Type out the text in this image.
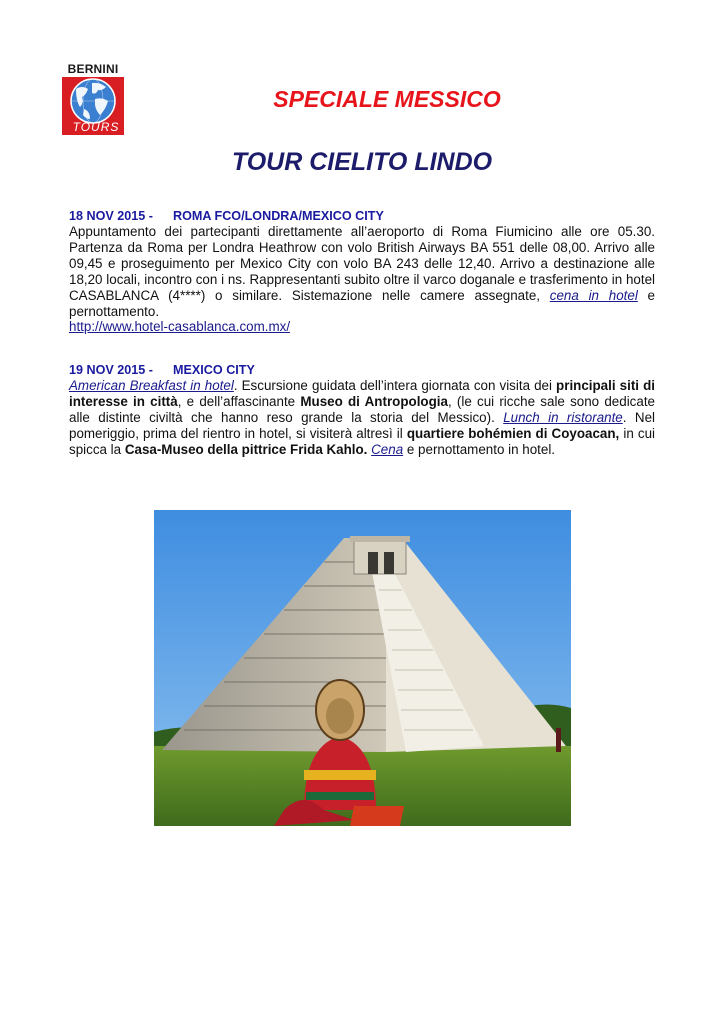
BERNINI
TOURS
SPECIALE MESSICO
TOUR CIELITO LINDO
18 NOV 2015 - ROMA FCO/LONDRA/MEXICO CITY

Appuntamento dei partecipanti direttamente all’aeroporto di Roma Fiumicino alle ore 05.30. Partenza da Roma per Londra Heathrow con volo British Airways BA 551 delle 08,00. Arrivo alle 09,45 e proseguimento per Mexico City con volo BA 243 delle 12,40. Arrivo a destinazione alle 18,20 locali, incontro con i ns. Rappresentanti subito oltre il varco doganale e trasferimento in hotel CASABLANCA (4****) o similare. Sistemazione nelle camere assegnate, cena in hotel e pernottamento.

http://www.hotel-casablanca.com.mx/

19 NOV 2015 - MEXICO CITY

American Breakfast in hotel. Escursione guidata dell’intera giornata con visita dei principali siti di interesse in città, e dell’affascinante Museo di Antropologia, (le cui ricche sale sono dedicate alle distinte civiltà che hanno reso grande la storia del Messico). Lunch in ristorante. Nel pomeriggio, prima del rientro in hotel, si visiterà altresì il quartiere bohémien di Coyoacan, in cui spicca la Casa-Museo della pittrice Frida Kahlo. Cena e pernottamento in hotel.
